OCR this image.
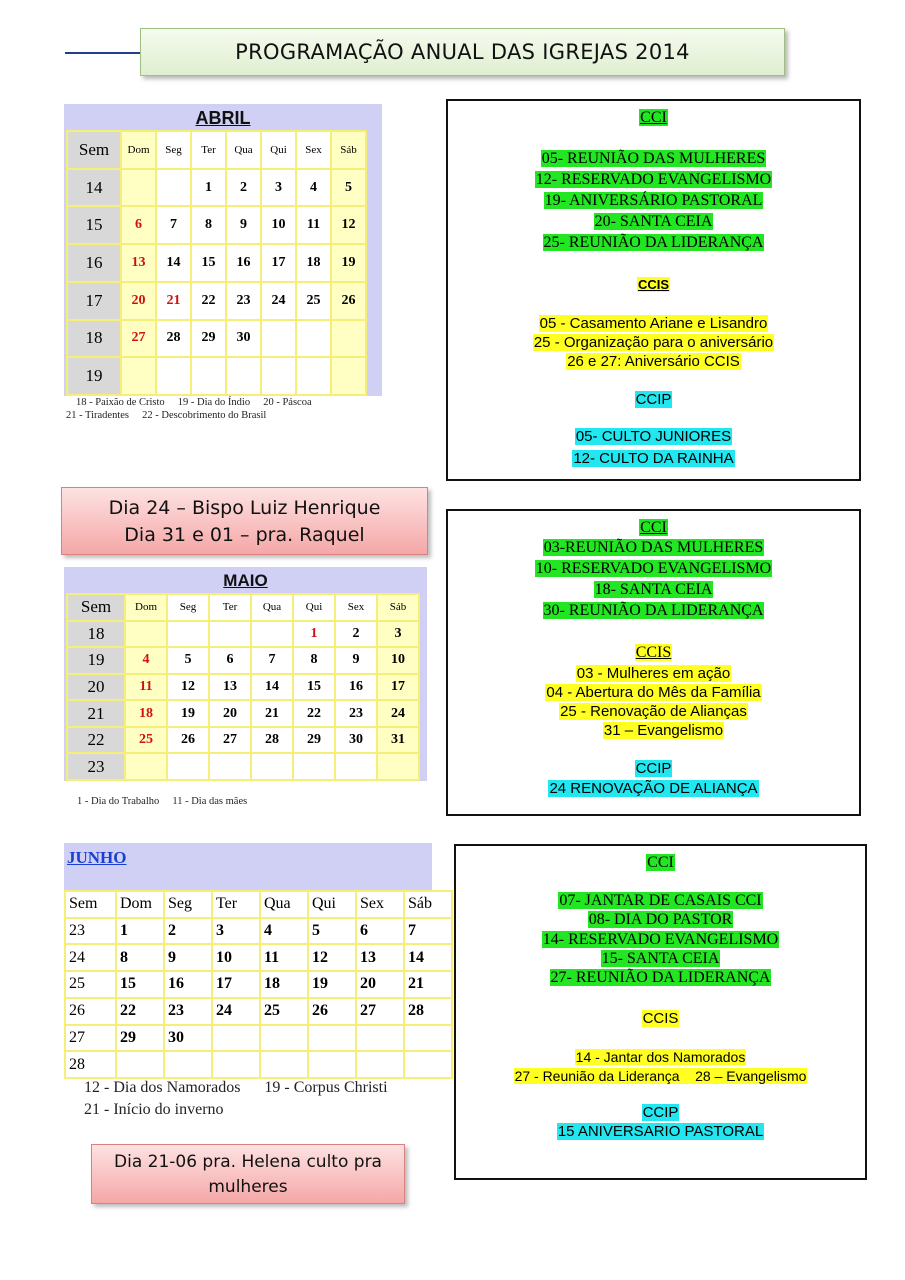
PROGRAMAÇÃO ANUAL DAS IGREJAS 2014
ABRIL
Sem	Dom	Seg	Ter	Qua	Qui	Sex	Sáb
14			1	2	3	4	5
15	6	7	8	9	10	11	12
16	13	14	15	16	17	18	19
17	20	21	22	23	24	25	26
18	27	28	29	30			
19							
18 - Paixão de Cristo     19 - Dia do Índio     20 - Páscoa
21 - Tiradentes     22 - Descobrimento do Brasil
CCI
05- REUNIÃO DAS MULHERES
12- RESERVADO EVANGELISMO
19- ANIVERSÁRIO PASTORAL
20- SANTA CEIA
25- REUNIÃO DA LIDERANÇA
CCIS
05 - Casamento Ariane e Lisandro
25 - Organização para o aniversário
26 e 27: Aniversário CCIS
CCIP
05- CULTO JUNIORES
12- CULTO DA RAINHA
Dia 24 – Bispo Luiz Henrique
Dia 31 e 01 – pra. Raquel
MAIO
Sem	Dom	Seg	Ter	Qua	Qui	Sex	Sáb
18					1	2	3
19	4	5	6	7	8	9	10
20	11	12	13	14	15	16	17
21	18	19	20	21	22	23	24
22	25	26	27	28	29	30	31
23							
1 - Dia do Trabalho     11 - Dia das mães
CCI
03-REUNIÃO DAS MULHERES
10- RESERVADO EVANGELISMO
18- SANTA CEIA
30- REUNIÃO DA LIDERANÇA
CCIS
03 - Mulheres em ação
04 - Abertura do Mês da Família
25 - Renovação de Alianças
31 – Evangelismo
CCIP
24 RENOVAÇÃO DE ALIANÇA
JUNHO
Sem	Dom	Seg	Ter	Qua	Qui	Sex	Sáb
23	1	2	3	4	5	6	7
24	8	9	10	11	12	13	14
25	15	16	17	18	19	20	21
26	22	23	24	25	26	27	28
27	29	30					
28							
12 - Dia dos Namorados      19 - Corpus Christi
21 - Início do inverno
Dia 21-06 pra. Helena culto pra
mulheres
CCI
07- JANTAR DE CASAIS CCI
08- DIA DO PASTOR
14- RESERVADO EVANGELISMO
15- SANTA CEIA
27- REUNIÃO DA LIDERANÇA
CCIS
14 - Jantar dos Namorados
27 - Reunião da Liderança    28 – Evangelismo
CCIP
15 ANIVERSARIO PASTORAL
